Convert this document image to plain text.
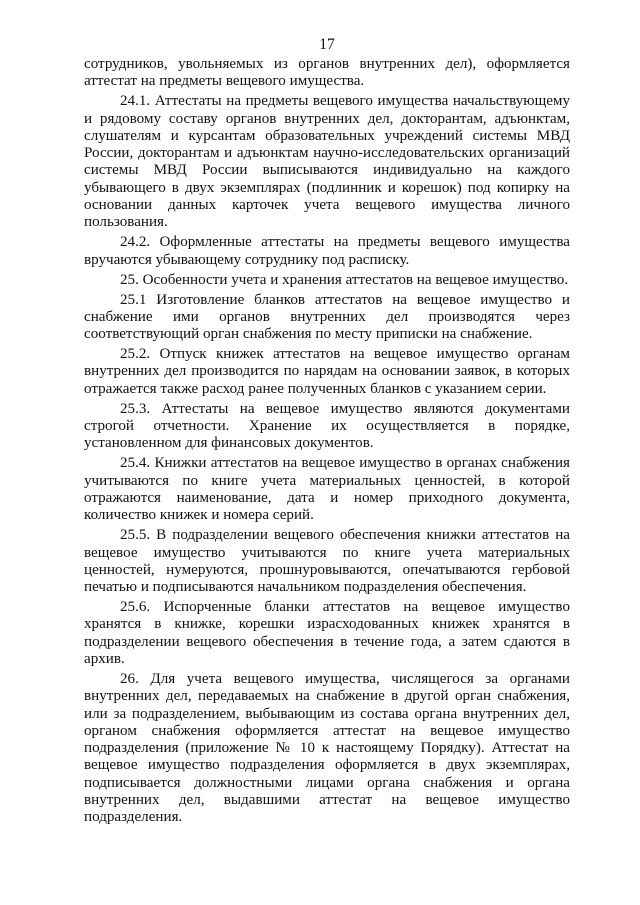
17

сотрудников, увольняемых из органов внутренних дел), оформляется аттестат на предметы вещевого имущества.

24.1. Аттестаты на предметы вещевого имущества начальствующему и рядовому составу органов внутренних дел, докторантам, адъюнктам, слушателям и курсантам образовательных учреждений системы МВД России, докторантам и адъюнктам научно-исследовательских организаций системы МВД России выписываются индивидуально на каждого убывающего в двух экземплярах (подлинник и корешок) под копирку на основании данных карточек учета вещевого имущества личного пользования.

24.2. Оформленные аттестаты на предметы вещевого имущества вручаются убывающему сотруднику под расписку.

25. Особенности учета и хранения аттестатов на вещевое имущество.

25.1 Изготовление бланков аттестатов на вещевое имущество и снабжение ими органов внутренних дел производятся через соответствующий орган снабжения по месту приписки на снабжение.

25.2. Отпуск книжек аттестатов на вещевое имущество органам внутренних дел производится по нарядам на основании заявок, в которых отражается также расход ранее полученных бланков с указанием серии.

25.3. Аттестаты на вещевое имущество являются документами строгой отчетности. Хранение их осуществляется в порядке, установленном для финансовых документов.

25.4. Книжки аттестатов на вещевое имущество в органах снабжения учитываются по книге учета материальных ценностей, в которой отражаются наименование, дата и номер приходного документа, количество книжек и номера серий.

25.5. В подразделении вещевого обеспечения книжки аттестатов на вещевое имущество учитываются по книге учета материальных ценностей, нумеруются, прошнуровываются, опечатываются гербовой печатью и подписываются начальником подразделения обеспечения.

25.6. Испорченные бланки аттестатов на вещевое имущество хранятся в книжке, корешки израсходованных книжек хранятся в подразделении вещевого обеспечения в течение года, а затем сдаются в архив.

26. Для учета вещевого имущества, числящегося за органами внутренних дел, передаваемых на снабжение в другой орган снабжения, или за подразделением, выбывающим из состава органа внутренних дел, органом снабжения оформляется аттестат на вещевое имущество подразделения (приложение № 10 к настоящему Порядку). Аттестат на вещевое имущество подразделения оформляется в двух экземплярах, подписывается должностными лицами органа снабжения и органа внутренних дел, выдавшими аттестат на вещевое имущество подразделения.
